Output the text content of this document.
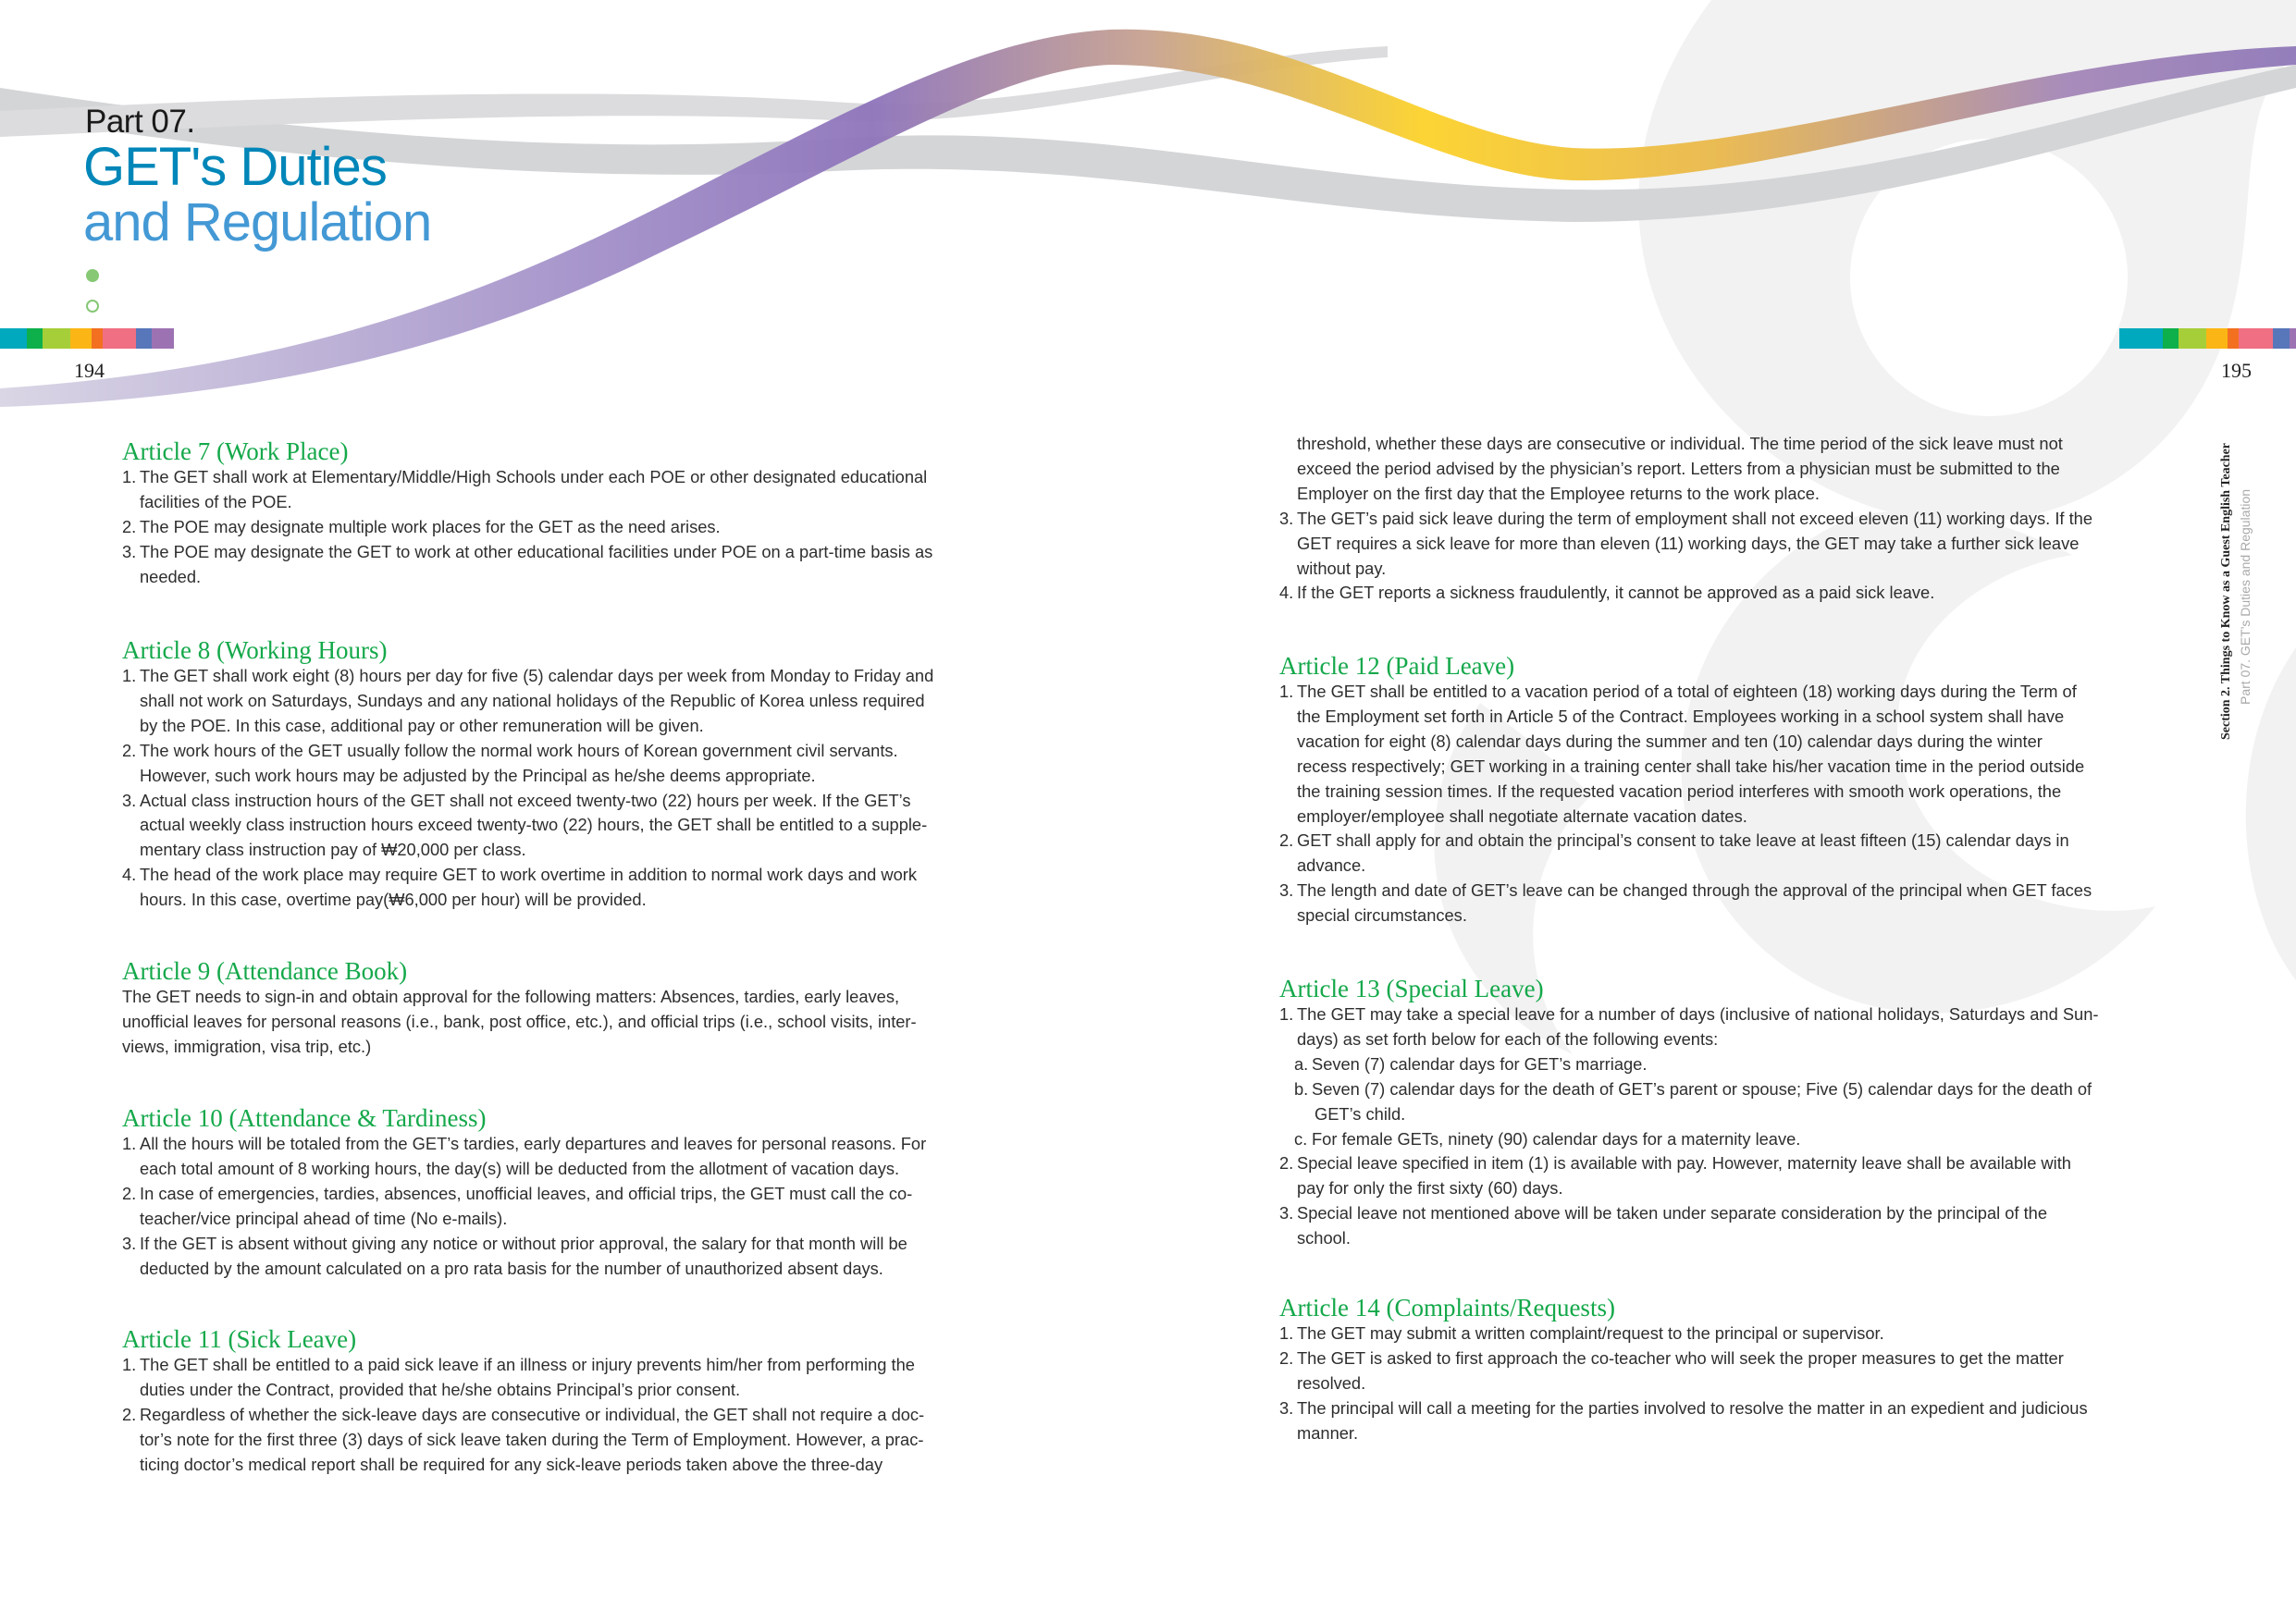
Part 07.
GET's Duties
and Regulation
194	195
Section 2. Things to Know as a Guest English Teacher Part 07. GET's Duties and Regulation
Article 7 (Work Place)
1. The GET shall work at Elementary/Middle/High Schools under each POE or other designated educational
facilities of the POE.
2. The POE may designate multiple work places for the GET as the need arises.
3. The POE may designate the GET to work at other educational facilities under POE on a part-time basis as
needed.
Article 8 (Working Hours)
1. The GET shall work eight (8) hours per day for five (5) calendar days per week from Monday to Friday and
shall not work on Saturdays, Sundays and any national holidays of the Republic of Korea unless required
by the POE. In this case, additional pay or other remuneration will be given.
2. The work hours of the GET usually follow the normal work hours of Korean government civil servants.
However, such work hours may be adjusted by the Principal as he/she deems appropriate.
3. Actual class instruction hours of the GET shall not exceed twenty-two (22) hours per week. If the GET’s
actual weekly class instruction hours exceed twenty-two (22) hours, the GET shall be entitled to a supple-
mentary class instruction pay of ₩20,000 per class.
4. The head of the work place may require GET to work overtime in addition to normal work days and work
hours. In this case, overtime pay(₩6,000 per hour) will be provided.
Article 9 (Attendance Book)
The GET needs to sign-in and obtain approval for the following matters: Absences, tardies, early leaves,
unofficial leaves for personal reasons (i.e., bank, post office, etc.), and official trips (i.e., school visits, inter-
views, immigration, visa trip, etc.)
Article 10 (Attendance & Tardiness)
1. All the hours will be totaled from the GET’s tardies, early departures and leaves for personal reasons. For
each total amount of 8 working hours, the day(s) will be deducted from the allotment of vacation days.
2. In case of emergencies, tardies, absences, unofficial leaves, and official trips, the GET must call the co-
teacher/vice principal ahead of time (No e-mails).
3. If the GET is absent without giving any notice or without prior approval, the salary for that month will be
deducted by the amount calculated on a pro rata basis for the number of unauthorized absent days.
Article 11 (Sick Leave)
1. The GET shall be entitled to a paid sick leave if an illness or injury prevents him/her from performing the
duties under the Contract, provided that he/she obtains Principal’s prior consent.
2. Regardless of whether the sick-leave days are consecutive or individual, the GET shall not require a doc-
tor’s note for the first three (3) days of sick leave taken during the Term of Employment. However, a prac-
ticing doctor’s medical report shall be required for any sick-leave periods taken above the three-day
threshold, whether these days are consecutive or individual. The time period of the sick leave must not
exceed the period advised by the physician’s report. Letters from a physician must be submitted to the
Employer on the first day that the Employee returns to the work place.
3. The GET’s paid sick leave during the term of employment shall not exceed eleven (11) working days. If the
GET requires a sick leave for more than eleven (11) working days, the GET may take a further sick leave
without pay.
4. If the GET reports a sickness fraudulently, it cannot be approved as a paid sick leave.
Article 12 (Paid Leave)
1. The GET shall be entitled to a vacation period of a total of eighteen (18) working days during the Term of
the Employment set forth in Article 5 of the Contract. Employees working in a school system shall have
vacation for eight (8) calendar days during the summer and ten (10) calendar days during the winter
recess respectively; GET working in a training center shall take his/her vacation time in the period outside
the training session times. If the requested vacation period interferes with smooth work operations, the
employer/employee shall negotiate alternate vacation dates.
2. GET shall apply for and obtain the principal’s consent to take leave at least fifteen (15) calendar days in
advance.
3. The length and date of GET’s leave can be changed through the approval of the principal when GET faces
special circumstances.
Article 13 (Special Leave)
1. The GET may take a special leave for a number of days (inclusive of national holidays, Saturdays and Sun-
days) as set forth below for each of the following events:
a. Seven (7) calendar days for GET’s marriage.
b. Seven (7) calendar days for the death of GET’s parent or spouse; Five (5) calendar days for the death of
GET’s child.
c. For female GETs, ninety (90) calendar days for a maternity leave.
2. Special leave specified in item (1) is available with pay. However, maternity leave shall be available with
pay for only the first sixty (60) days.
3. Special leave not mentioned above will be taken under separate consideration by the principal of the
school.
Article 14 (Complaints/Requests)
1. The GET may submit a written complaint/request to the principal or supervisor.
2. The GET is asked to first approach the co-teacher who will seek the proper measures to get the matter
resolved.
3. The principal will call a meeting for the parties involved to resolve the matter in an expedient and judicious
manner.
